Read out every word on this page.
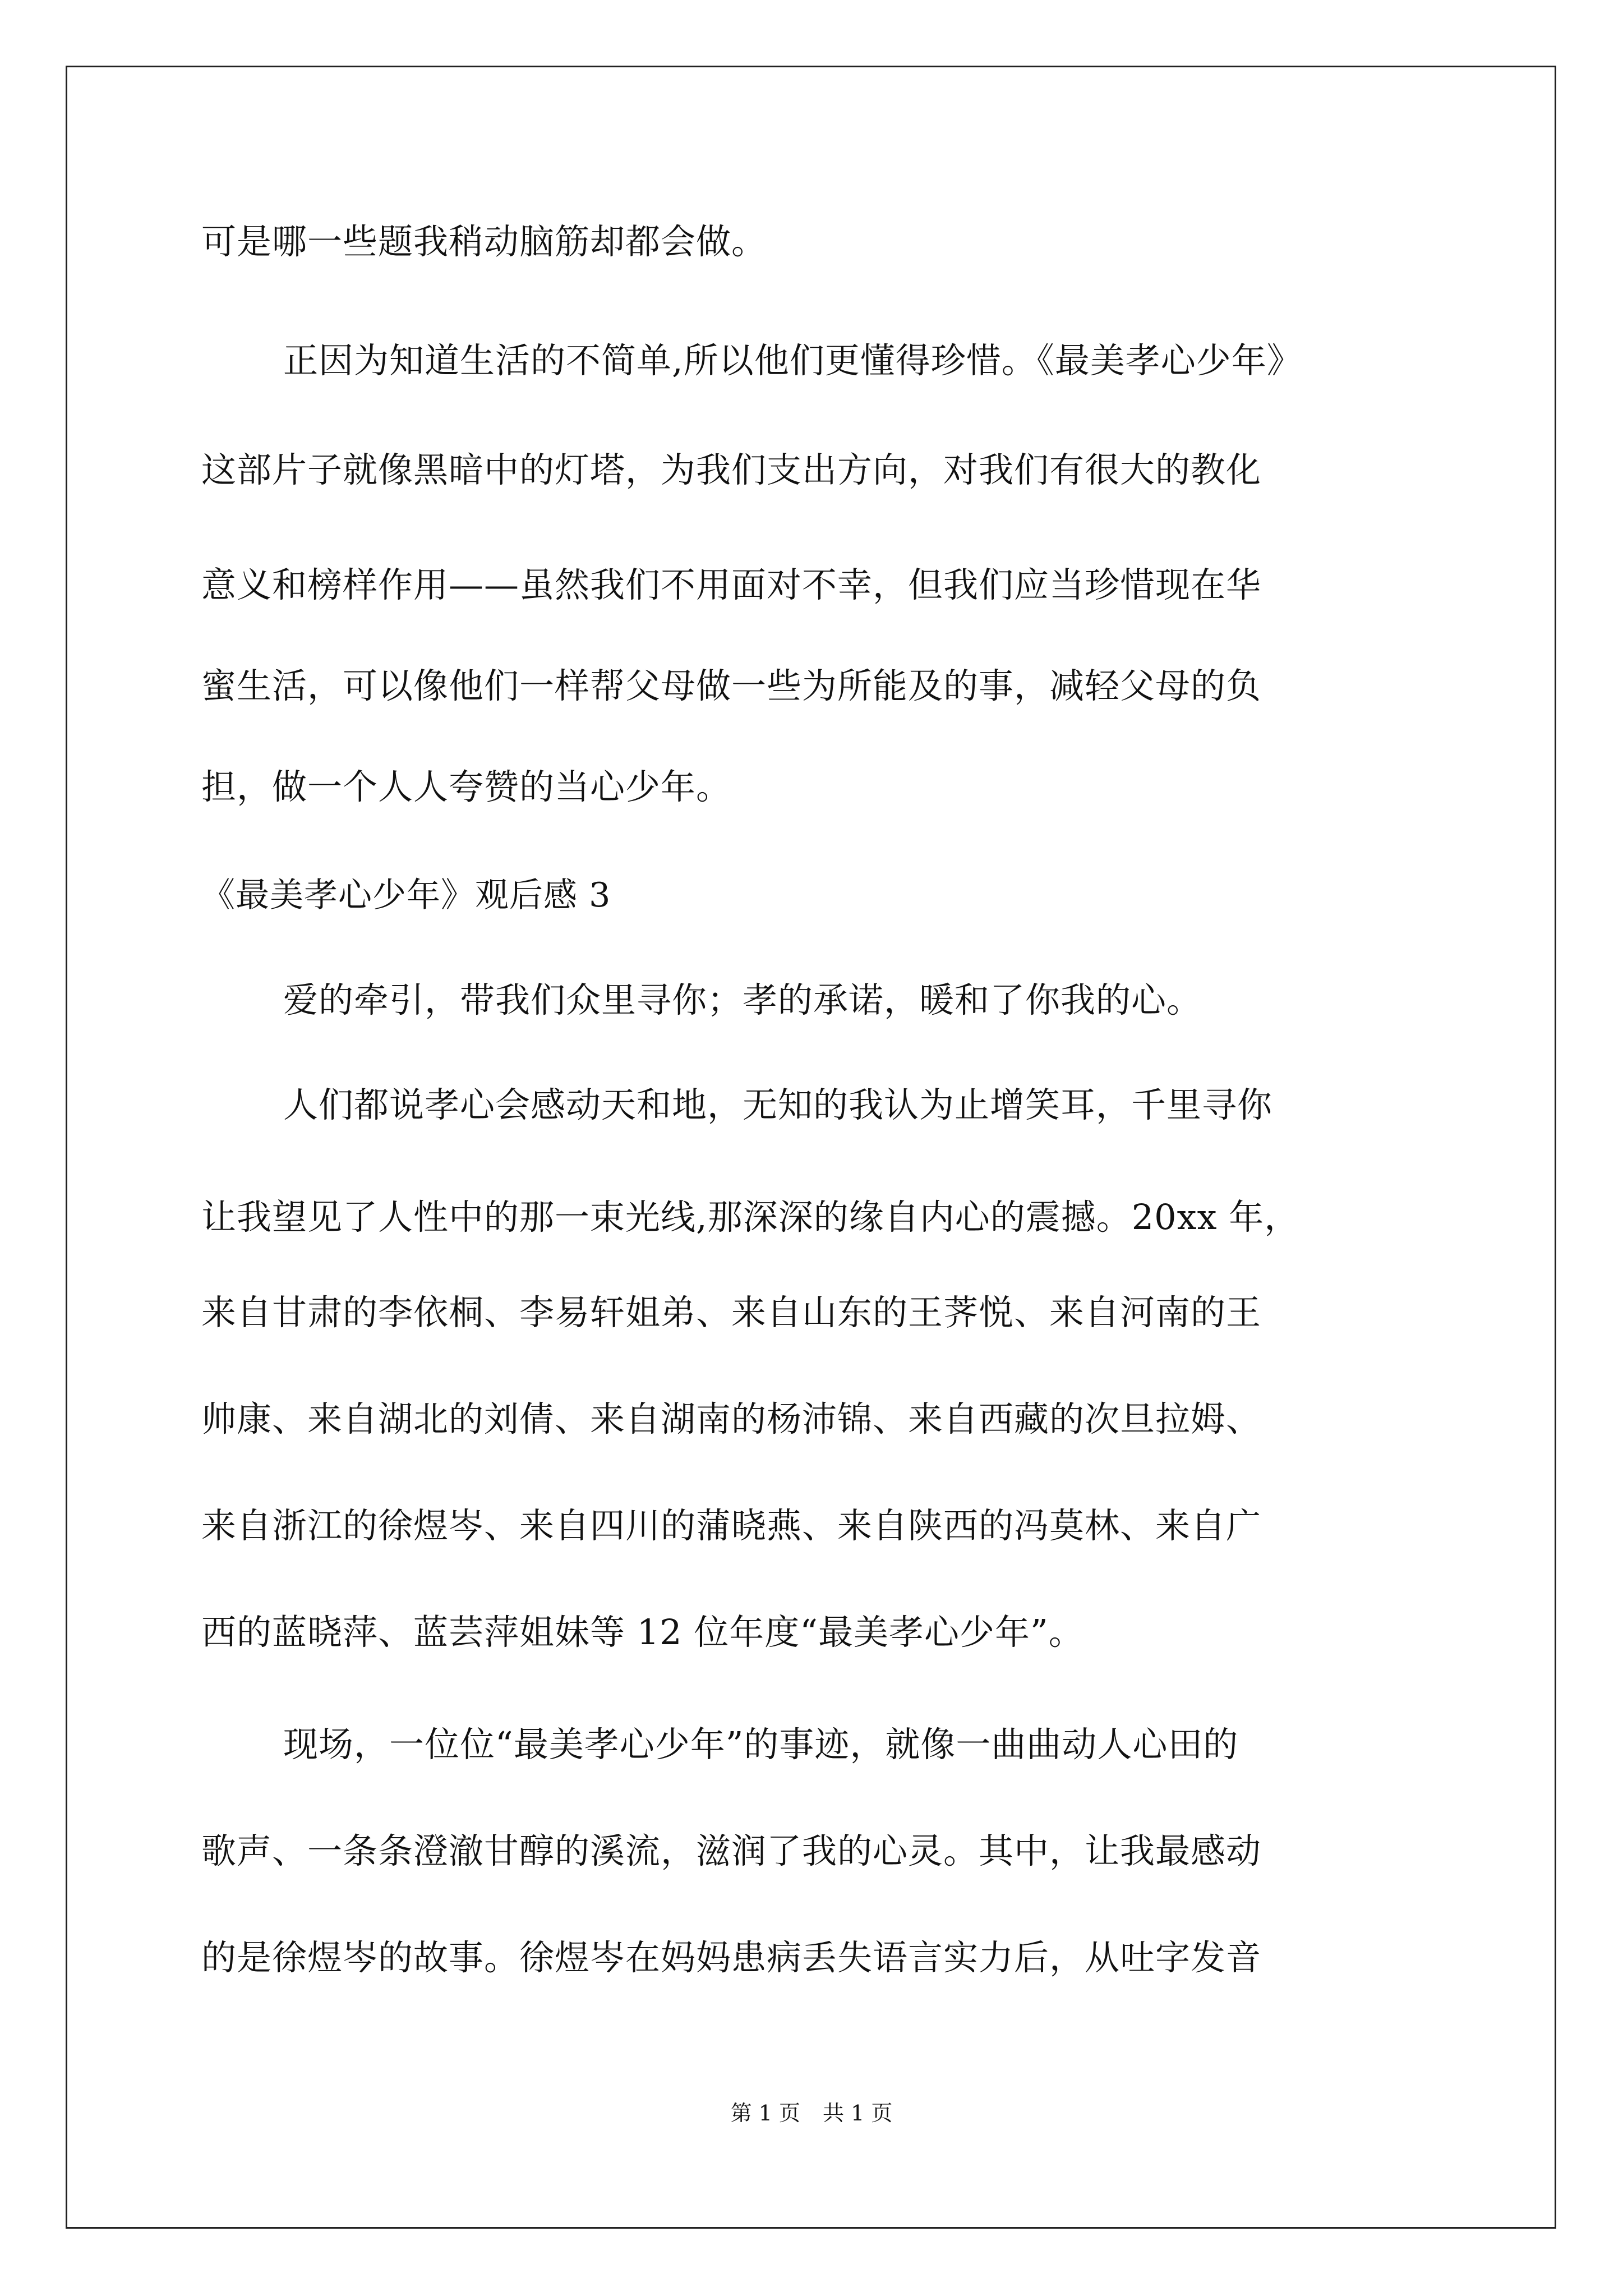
可是哪一些题我稍动脑筋却都会做。
正因为知道生活的不简单,所以他们更懂得珍惜。《最美孝心少年》
这部片子就像黑暗中的灯塔，为我们支出方向，对我们有很大的教化
意义和榜样作用——虽然我们不用面对不幸，但我们应当珍惜现在华
蜜生活，可以像他们一样帮父母做一些为所能及的事，减轻父母的负
担，做一个人人夸赞的当心少年。
《最美孝心少年》观后感 3
爱的牵引，带我们众里寻你；孝的承诺，暖和了你我的心。
人们都说孝心会感动天和地，无知的我认为止增笑耳，千里寻你
让我望见了人性中的那一束光线,那深深的缘自内心的震撼。20xx 年，
来自甘肃的李依桐、李易轩姐弟、来自山东的王荠悦、来自河南的王
帅康、来自湖北的刘倩、来自湖南的杨沛锦、来自西藏的次旦拉姆、
来自浙江的徐煜岑、来自四川的蒲晓燕、来自陕西的冯莫林、来自广
西的蓝晓萍、蓝芸萍姐妹等 12 位年度“最美孝心少年”。
现场，一位位“最美孝心少年”的事迹，就像一曲曲动人心田的
歌声、一条条澄澈甘醇的溪流，滋润了我的心灵。其中，让我最感动
的是徐煜岑的故事。徐煜岑在妈妈患病丢失语言实力后，从吐字发音
第 1 页 共 1 页
